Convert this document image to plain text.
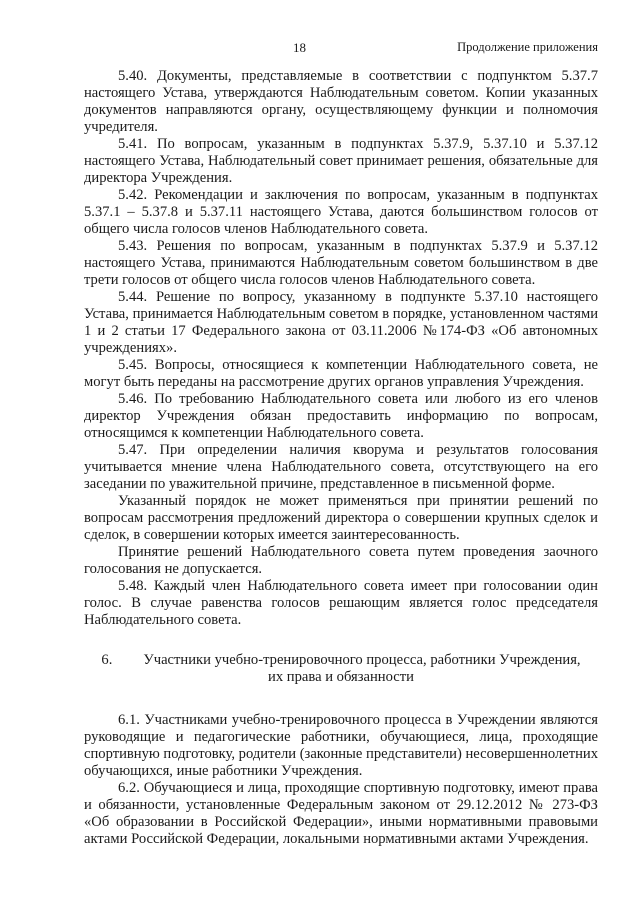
18	Продолжение приложения

5.40. Документы, представляемые в соответствии с подпунктом 5.37.7 настоящего Устава, утверждаются Наблюдательным советом. Копии указанных документов направляются органу, осуществляющему функции и полномочия учредителя.

5.41. По вопросам, указанным в подпунктах 5.37.9, 5.37.10 и 5.37.12 настоящего Устава, Наблюдательный совет принимает решения, обязательные для директора Учреждения.

5.42. Рекомендации и заключения по вопросам, указанным в подпунктах 5.37.1 – 5.37.8 и 5.37.11 настоящего Устава, даются большинством голосов от общего числа голосов членов Наблюдательного совета.

5.43. Решения по вопросам, указанным в подпунктах 5.37.9 и 5.37.12 настоящего Устава, принимаются Наблюдательным советом большинством в две трети голосов от общего числа голосов членов Наблюдательного совета.

5.44. Решение по вопросу, указанному в подпункте 5.37.10 настоящего Устава, принимается Наблюдательным советом в порядке, установленном частями 1 и 2 статьи 17 Федерального закона от 03.11.2006 №174-ФЗ «Об автономных учреждениях».

5.45. Вопросы, относящиеся к компетенции Наблюдательного совета, не могут быть переданы на рассмотрение других органов управления Учреждения.

5.46. По требованию Наблюдательного совета или любого из его членов директор Учреждения обязан предоставить информацию по вопросам, относящимся к компетенции Наблюдательного совета.

5.47. При определении наличия кворума и результатов голосования учитывается мнение члена Наблюдательного совета, отсутствующего на его заседании по уважительной причине, представленное в письменной форме.

Указанный порядок не может применяться при принятии решений по вопросам рассмотрения предложений директора о совершении крупных сделок и сделок, в совершении которых имеется заинтересованность.

Принятие решений Наблюдательного совета путем проведения заочного голосования не допускается.

5.48. Каждый член Наблюдательного совета имеет при голосовании один голос. В случае равенства голосов решающим является голос председателя Наблюдательного совета.

6. Участники учебно-тренировочного процесса, работники Учреждения,
их права и обязанности

6.1. Участниками учебно-тренировочного процесса в Учреждении являются руководящие и педагогические работники, обучающиеся, лица, проходящие спортивную подготовку, родители (законные представители) несовершеннолетних обучающихся, иные работники Учреждения.

6.2. Обучающиеся и лица, проходящие спортивную подготовку, имеют права и обязанности, установленные Федеральным законом от 29.12.2012 № 273-ФЗ «Об образовании в Российской Федерации», иными нормативными правовыми актами Российской Федерации, локальными нормативными актами Учреждения.
